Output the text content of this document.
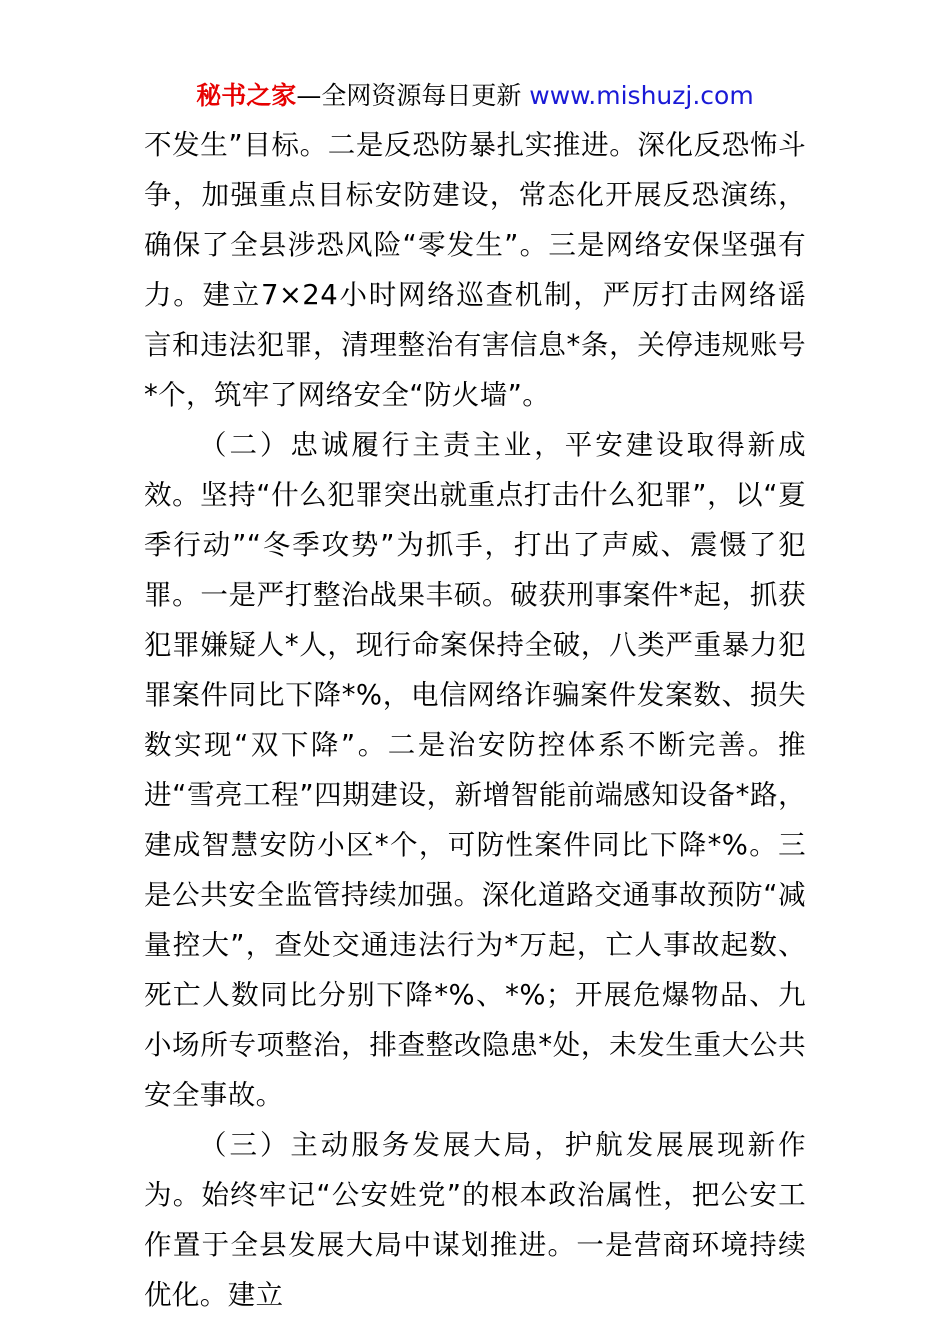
秘书之家—全网资源每日更新 www.mishuzj.com

不发生”目标。二是反恐防暴扎实推进。深化反恐怖斗争，加强重点目标安防建设，常态化开展反恐演练，确保了全县涉恐风险“零发生”。三是网络安保坚强有力。建立7×24小时网络巡查机制，严厉打击网络谣言和违法犯罪，清理整治有害信息*条，关停违规账号*个，筑牢了网络安全“防火墙”。

（二）忠诚履行主责主业，平安建设取得新成效。坚持“什么犯罪突出就重点打击什么犯罪”，以“夏季行动”“冬季攻势”为抓手，打出了声威、震慑了犯罪。一是严打整治战果丰硕。破获刑事案件*起，抓获犯罪嫌疑人*人，现行命案保持全破，八类严重暴力犯罪案件同比下降*%，电信网络诈骗案件发案数、损失数实现“双下降”。二是治安防控体系不断完善。推进“雪亮工程”四期建设，新增智能前端感知设备*路，建成智慧安防小区*个，可防性案件同比下降*%。三是公共安全监管持续加强。深化道路交通事故预防“减量控大”，查处交通违法行为*万起，亡人事故起数、死亡人数同比分别下降*%、*%；开展危爆物品、九小场所专项整治，排查整改隐患*处，未发生重大公共安全事故。

（三）主动服务发展大局，护航发展展现新作为。始终牢记“公安姓党”的根本政治属性，把公安工作置于全县发展大局中谋划推进。一是营商环境持续优化。建立
